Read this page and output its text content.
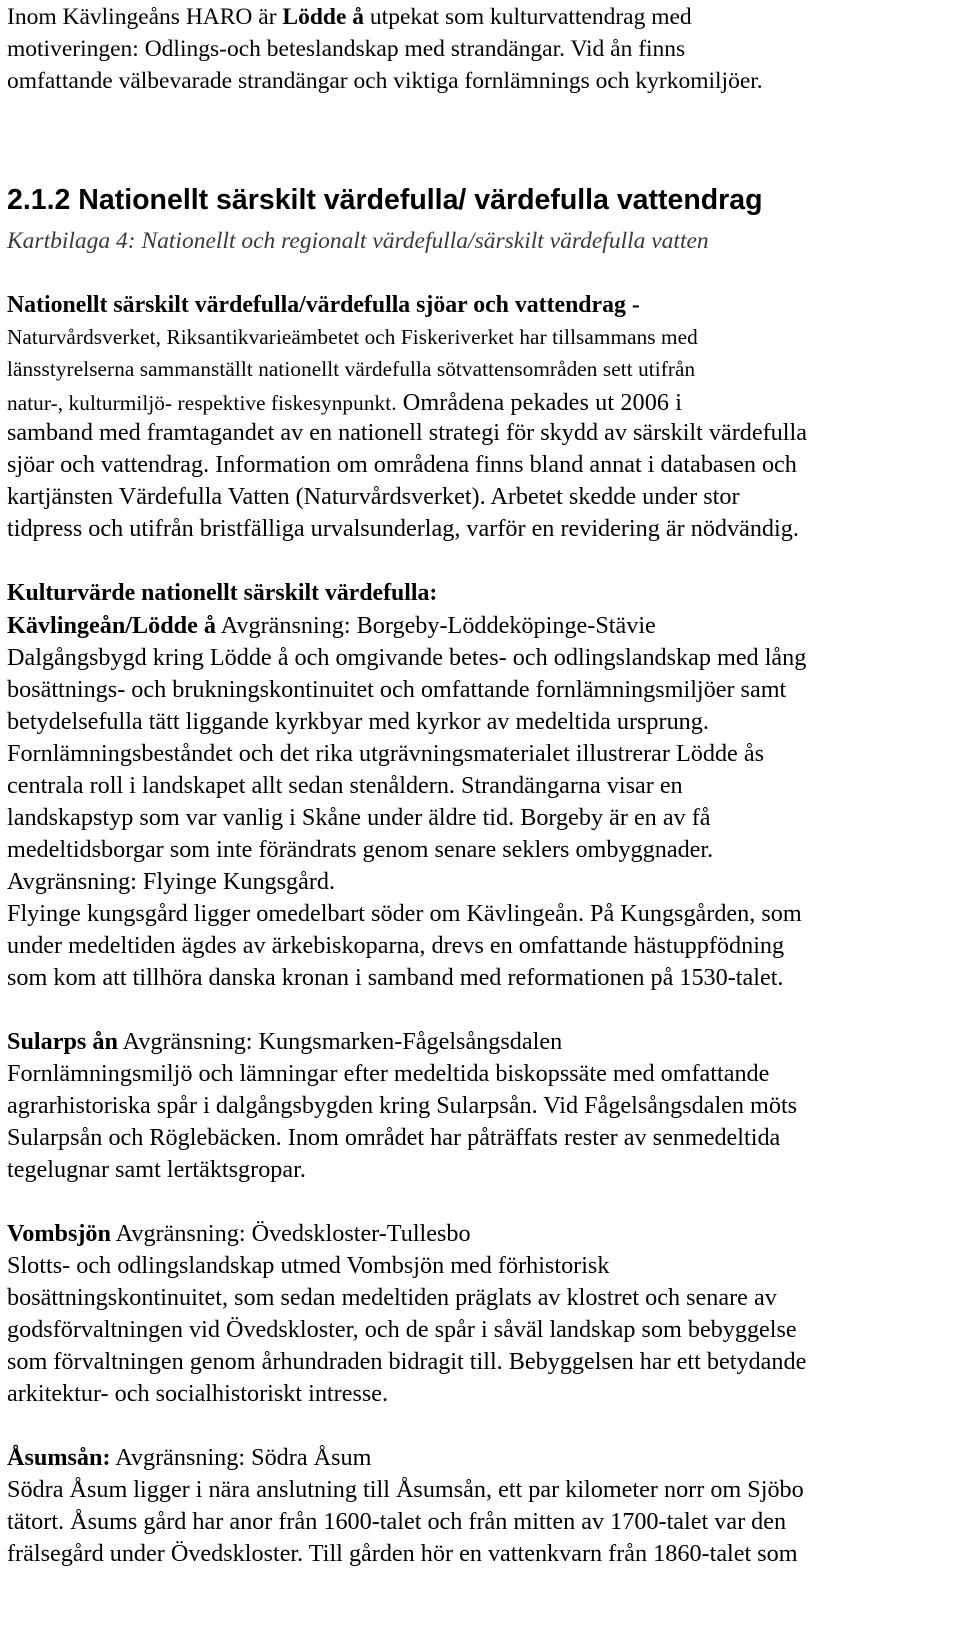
Inom Kävlingeåns HARO är Lödde å utpekat som kulturvattendrag med
motiveringen: Odlings-och beteslandskap med strandängar. Vid ån finns
omfattande välbevarade strandängar och viktiga fornlämnings och kyrkomiljöer.
2.1.2 Nationellt särskilt värdefulla/ värdefulla vattendrag
Kartbilaga 4: Nationellt och regionalt värdefulla/särskilt värdefulla vatten
Nationellt särskilt värdefulla/värdefulla sjöar och vattendrag -
Naturvårdsverket, Riksantikvarieämbetet och Fiskeriverket har tillsammans med
länsstyrelserna sammanställt nationellt värdefulla sötvattensområden sett utifrån
natur-, kulturmiljö- respektive fiskesynpunkt. Områdena pekades ut 2006 i
samband med framtagandet av en nationell strategi för skydd av särskilt värdefulla
sjöar och vattendrag. Information om områdena finns bland annat i databasen och
kartjänsten Värdefulla Vatten (Naturvårdsverket). Arbetet skedde under stor
tidpress och utifrån bristfälliga urvalsunderlag, varför en revidering är nödvändig.
Kulturvärde nationellt särskilt värdefulla:
Kävlingeån/Lödde å Avgränsning: Borgeby-Löddeköpinge-Stävie
Dalgångsbygd kring Lödde å och omgivande betes- och odlingslandskap med lång
bosättnings- och brukningskontinuitet och omfattande fornlämningsmiljöer samt
betydelsefulla tätt liggande kyrkbyar med kyrkor av medeltida ursprung.
Fornlämningsbeståndet och det rika utgrävningsmaterialet illustrerar Lödde ås
centrala roll i landskapet allt sedan stenåldern. Strandängarna visar en
landskapstyp som var vanlig i Skåne under äldre tid. Borgeby är en av få
medeltidsborgar som inte förändrats genom senare seklers ombyggnader.
Avgränsning: Flyinge Kungsgård.
Flyinge kungsgård ligger omedelbart söder om Kävlingeån. På Kungsgården, som
under medeltiden ägdes av ärkebiskoparna, drevs en omfattande hästuppfödning
som kom att tillhöra danska kronan i samband med reformationen på 1530-talet.
Sularps ån Avgränsning: Kungsmarken-Fågelsångsdalen
Fornlämningsmiljö och lämningar efter medeltida biskopssäte med omfattande
agrarhistoriska spår i dalgångsbygden kring Sularpsån. Vid Fågelsångsdalen möts
Sularpsån och Röglebäcken. Inom området har påträffats rester av senmedeltida
tegelugnar samt lertäktsgropar.
Vombsjön Avgränsning: Övedskloster-Tullesbo
Slotts- och odlingslandskap utmed Vombsjön med förhistorisk
bosättningskontinuitet, som sedan medeltiden präglats av klostret och senare av
godsförvaltningen vid Övedskloster, och de spår i såväl landskap som bebyggelse
som förvaltningen genom århundraden bidragit till. Bebyggelsen har ett betydande
arkitektur- och socialhistoriskt intresse.
Åsumsån: Avgränsning: Södra Åsum
Södra Åsum ligger i nära anslutning till Åsumsån, ett par kilometer norr om Sjöbo
tätort. Åsums gård har anor från 1600-talet och från mitten av 1700-talet var den
frälsegård under Övedskloster. Till gården hör en vattenkvarn från 1860-talet som
